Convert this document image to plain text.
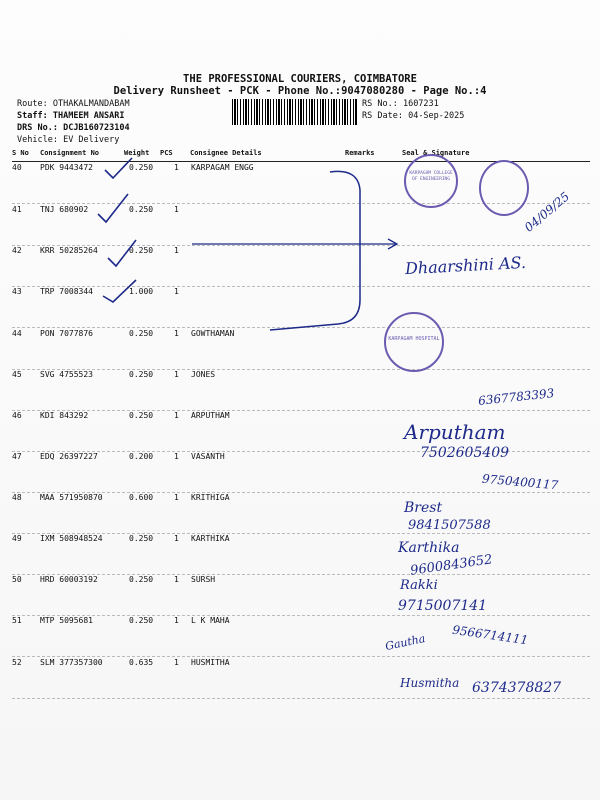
THE PROFESSIONAL COURIERS, COIMBATORE
Delivery Runsheet - PCK - Phone No.:9047080280 - Page No.:4
Route: OTHAKALMANDABAM
Staff: THAMEEM ANSARI
DRS No.: DCJB160723104
Vehicle: EV Delivery
RS No.: 1607231
RS Date: 04-Sep-2025
S No Consignment No	Weight PCS Consignee Details	Remarks	Seal & Signature
40 PDK 9443472	0.250	1 KARPAGAM ENGG
41 TNJ 680902	0.250	1
42 KRR 50285264	0.250	1
43 TRP 7008344	1.000	1
44 PON 7077876	0.250	1 GOWTHAMAN
45 SVG 4755523	0.250	1 JONES
46 KDI 843292	0.250	1 ARPUTHAM
47 EDQ 26397227	0.200	1 VASANTH
48 MAA 571950870	0.600	1 KRITHIGA
49 IXM 508948524	0.250	1 KARTHIKA
50 HRD 60003192	0.250	1 SURSH
51 MTP 5095681	0.250	1 L K MAHA
52 SLM 377357300	0.635	1 HUSMITHA
KARPAGAM COLLEGE OF ENGINEERING
KARPAGAM HOSPITAL
04/09/25
Dhaarshini AS.
6367783393
Arputham
7502605409
9750400117
Brest
9841507588
Karthika
9600843652
Rakki
9715007141
Gautha 9566714111
Husmitha 6374378827
